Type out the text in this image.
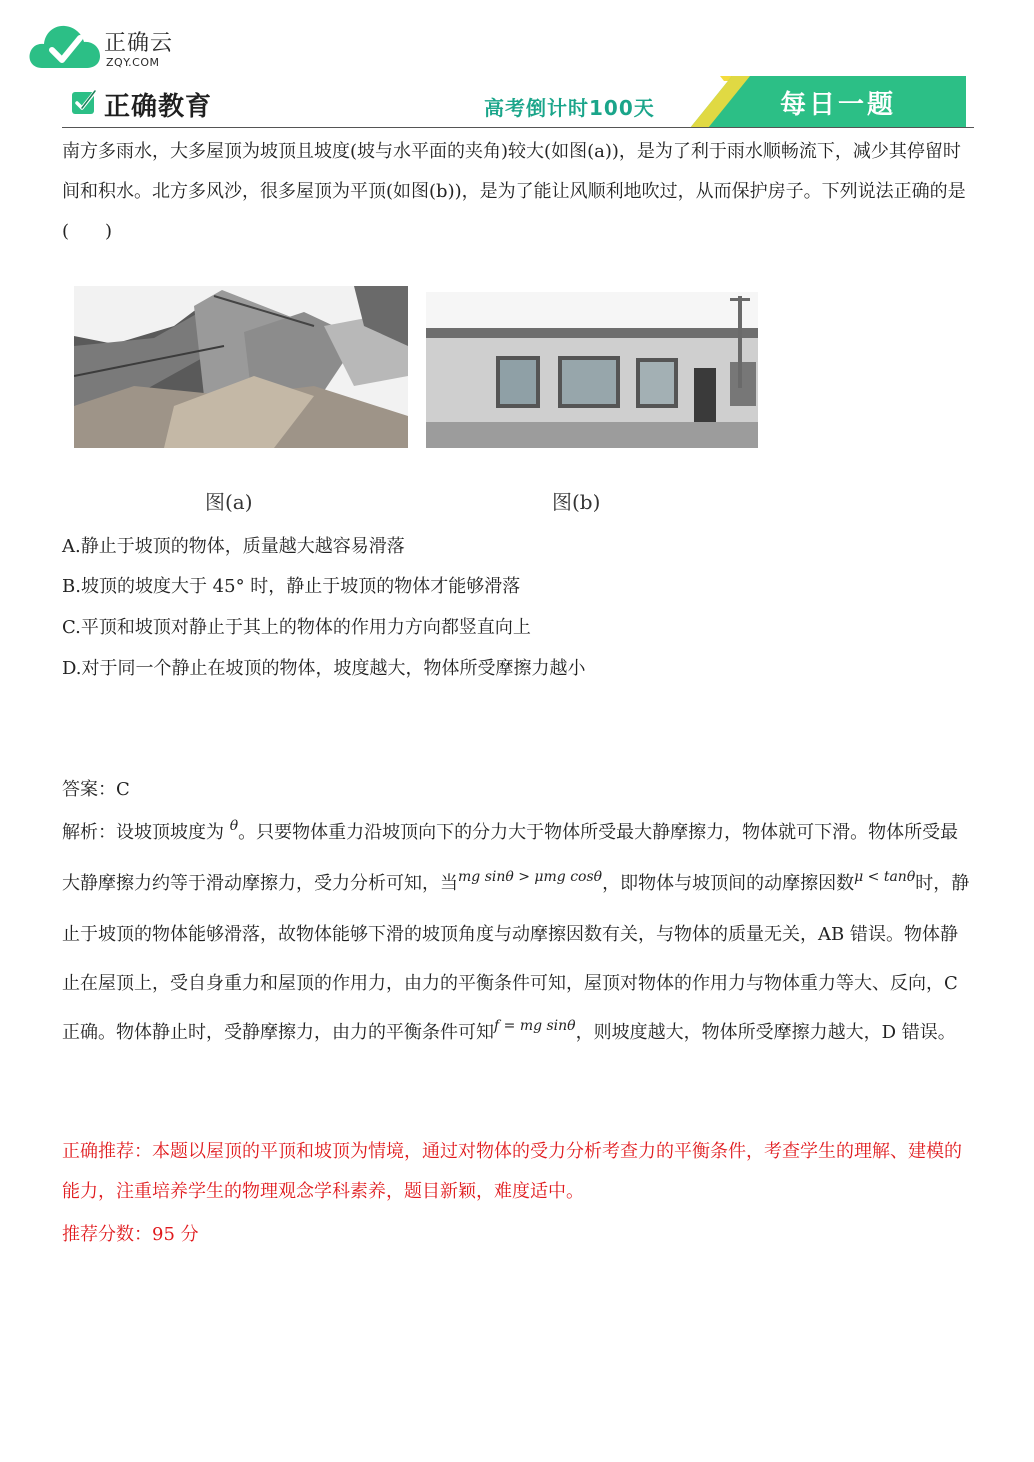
正确云
ZQY.COM
正确教育	高考倒计时100天	每日一题
南方多雨水，大多屋顶为坡顶且坡度(坡与水平面的夹角)较大(如图(a))，是为了利于雨水顺畅流下，减少其停留时间和积水。北方多风沙，很多屋顶为平顶(如图(b))，是为了能让风顺利地吹过，从而保护房子。下列说法正确的是(　　)
图(a)	图(b)
A.静止于坡顶的物体，质量越大越容易滑落
B.坡顶的坡度大于 45° 时，静止于坡顶的物体才能够滑落
C.平顶和坡顶对静止于其上的物体的作用力方向都竖直向上
D.对于同一个静止在坡顶的物体，坡度越大，物体所受摩擦力越小
答案：C
解析：设坡顶坡度为 $^\theta$。只要物体重力沿坡顶向下的分力大于物体所受最大静摩擦力，物体就可下滑。物体所受最大静摩擦力约等于滑动摩擦力，受力分析可知，当$^{mg sin\theta > \mu mg cos\theta}$，即物体与坡顶间的动摩擦因数$^{\mu < tan\theta}$时，静止于坡顶的物体能够滑落，故物体能够下滑的坡顶角度与动摩擦因数有关，与物体的质量无关，AB 错误。物体静止在屋顶上，受自身重力和屋顶的作用力，由力的平衡条件可知，屋顶对物体的作用力与物体重力等大、反向，C 正确。物体静止时，受静摩擦力，由力的平衡条件可知$^{f = mg sin\theta}$，则坡度越大，物体所受摩擦力越大，D 错误。
正确推荐：本题以屋顶的平顶和坡顶为情境，通过对物体的受力分析考查力的平衡条件，考查学生的理解、建模的能力，注重培养学生的物理观念学科素养，题目新颖，难度适中。
推荐分数：95 分
